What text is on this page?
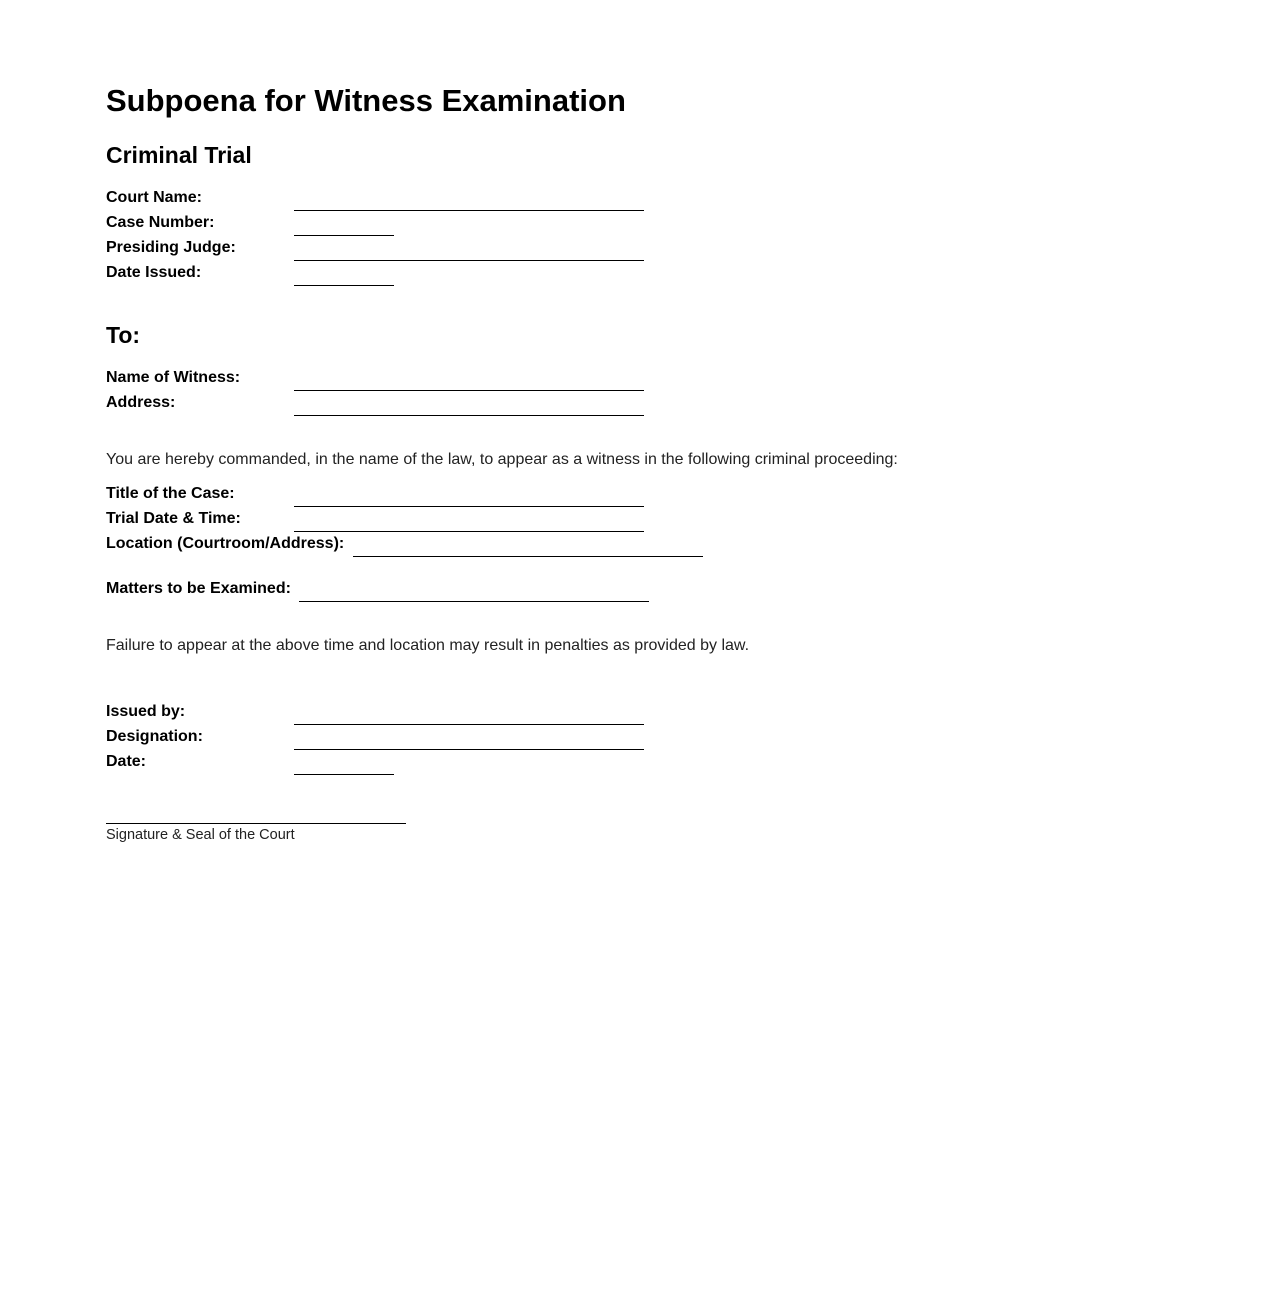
Subpoena for Witness Examination
Criminal Trial
Court Name:
Case Number:
Presiding Judge:
Date Issued:
To:
Name of Witness:
Address:
You are hereby commanded, in the name of the law, to appear as a witness in the following criminal proceeding:
Title of the Case:
Trial Date & Time:
Location (Courtroom/Address):
Matters to be Examined:
Failure to appear at the above time and location may result in penalties as provided by law.
Issued by:
Designation:
Date:
Signature & Seal of the Court
